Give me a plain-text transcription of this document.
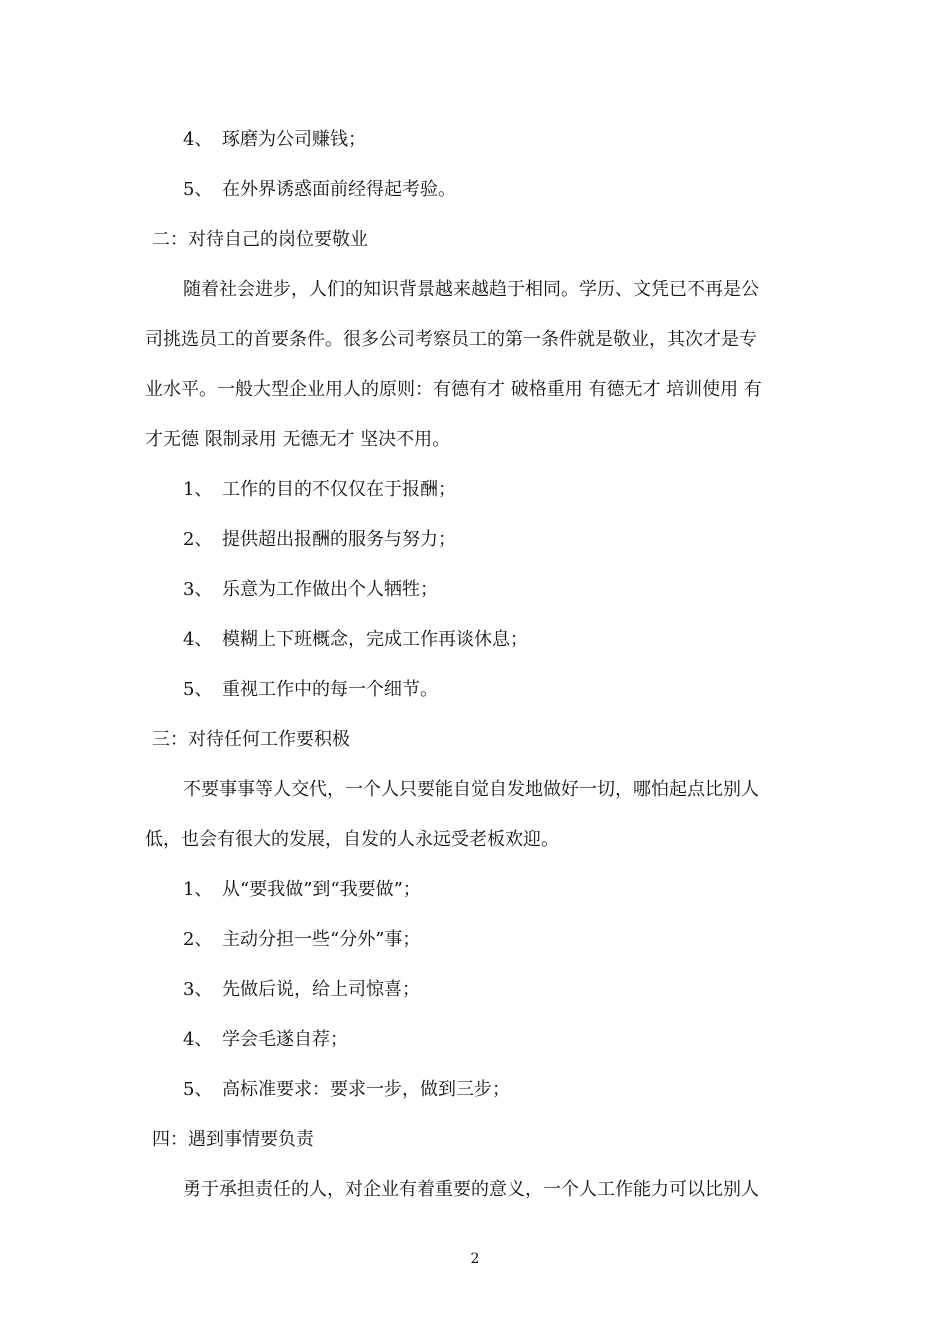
4、 琢磨为公司赚钱；
5、 在外界诱惑面前经得起考验。
二：对待自己的岗位要敬业
随着社会进步，人们的知识背景越来越趋于相同。学历、文凭已不再是公
司挑选员工的首要条件。很多公司考察员工的第一条件就是敬业，其次才是专
业水平。一般大型企业用人的原则：有德有才 破格重用 有德无才 培训使用 有
才无德 限制录用 无德无才 坚决不用。
1、 工作的目的不仅仅在于报酬；
2、 提供超出报酬的服务与努力；
3、 乐意为工作做出个人牺牲；
4、 模糊上下班概念，完成工作再谈休息；
5、 重视工作中的每一个细节。
三：对待任何工作要积极
不要事事等人交代，一个人只要能自觉自发地做好一切，哪怕起点比别人
低，也会有很大的发展，自发的人永远受老板欢迎。
1、 从“要我做”到“我要做”；
2、 主动分担一些“分外”事；
3、 先做后说，给上司惊喜；
4、 学会毛遂自荐；
5、 高标准要求：要求一步，做到三步；
四：遇到事情要负责
勇于承担责任的人，对企业有着重要的意义，一个人工作能力可以比别人
2
